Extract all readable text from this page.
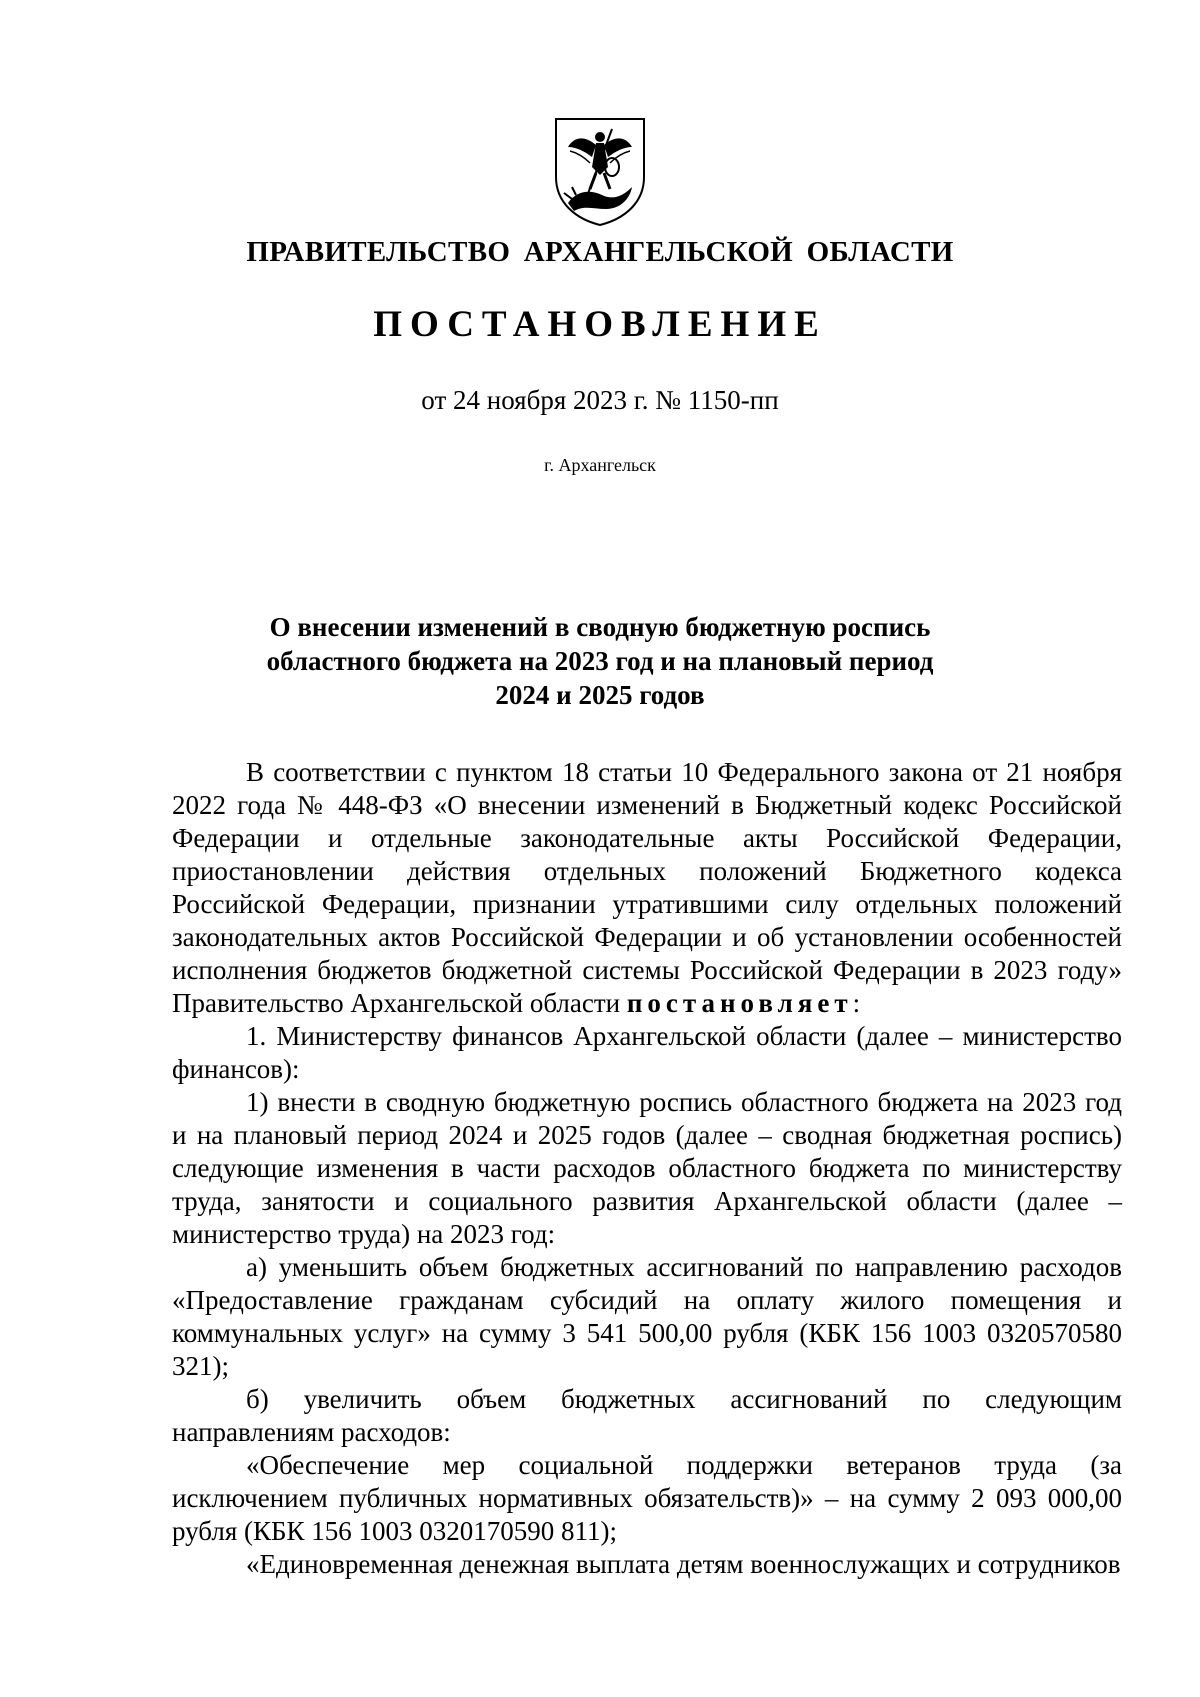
ПРАВИТЕЛЬСТВО АРХАНГЕЛЬСКОЙ ОБЛАСТИ
ПОСТАНОВЛЕНИЕ
от 24 ноября 2023 г. № 1150-пп
г. Архангельск
О внесении изменений в сводную бюджетную роспись
областного бюджета на 2023 год и на плановый период
2024 и 2025 годов

В соответствии с пунктом 18 статьи 10 Федерального закона от 21 ноября 2022 года № 448-ФЗ «О внесении изменений в Бюджетный кодекс Российской Федерации и отдельные законодательные акты Российской Федерации, приостановлении действия отдельных положений Бюджетного кодекса Российской Федерации, признании утратившими силу отдельных положений законодательных актов Российской Федерации и об установлении особенностей исполнения бюджетов бюджетной системы Российской Федерации в 2023 году» Правительство Архангельской области постановляет:

1. Министерству финансов Архангельской области (далее – министерство финансов):

1) внести в сводную бюджетную роспись областного бюджета на 2023 год и на плановый период 2024 и 2025 годов (далее – сводная бюджетная роспись) следующие изменения в части расходов областного бюджета по министерству труда, занятости и социального развития Архангельской области (далее – министерство труда) на 2023 год:

а) уменьшить объем бюджетных ассигнований по направлению расходов «Предоставление гражданам субсидий на оплату жилого помещения и коммунальных услуг» на сумму 3 541 500,00 рубля (КБК 156 1003 0320570580 321);

б) увеличить объем бюджетных ассигнований по следующим направлениям расходов:

«Обеспечение мер социальной поддержки ветеранов труда (за исключением публичных нормативных обязательств)» – на сумму 2 093 000,00 рубля (КБК 156 1003 0320170590 811);

«Единовременная денежная выплата детям военнослужащих и сотрудников
